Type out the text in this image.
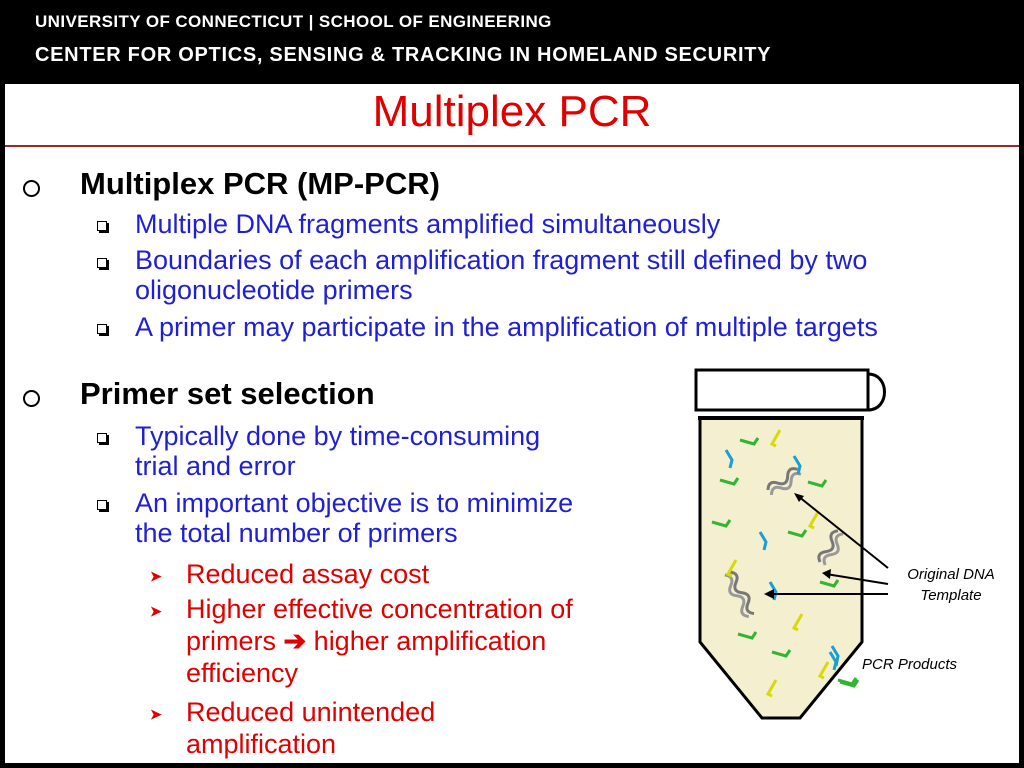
UNIVERSITY OF CONNECTICUT | SCHOOL OF ENGINEERING
CENTER FOR OPTICS, SENSING & TRACKING IN HOMELAND SECURITY
Multiplex PCR
Multiplex PCR (MP-PCR)
Multiple DNA fragments amplified simultaneously
Boundaries of each amplification fragment still defined by two oligonucleotide primers
A primer may participate in the amplification of multiple targets
Primer set selection
Typically done by time-consuming
trial and error
An important objective is to minimize
the total number of primers
➤ Reduced assay cost
➤ Higher effective concentration of
primers ➔ higher amplification
efficiency
➤ Reduced unintended
amplification
Original DNA Template
PCR Products
